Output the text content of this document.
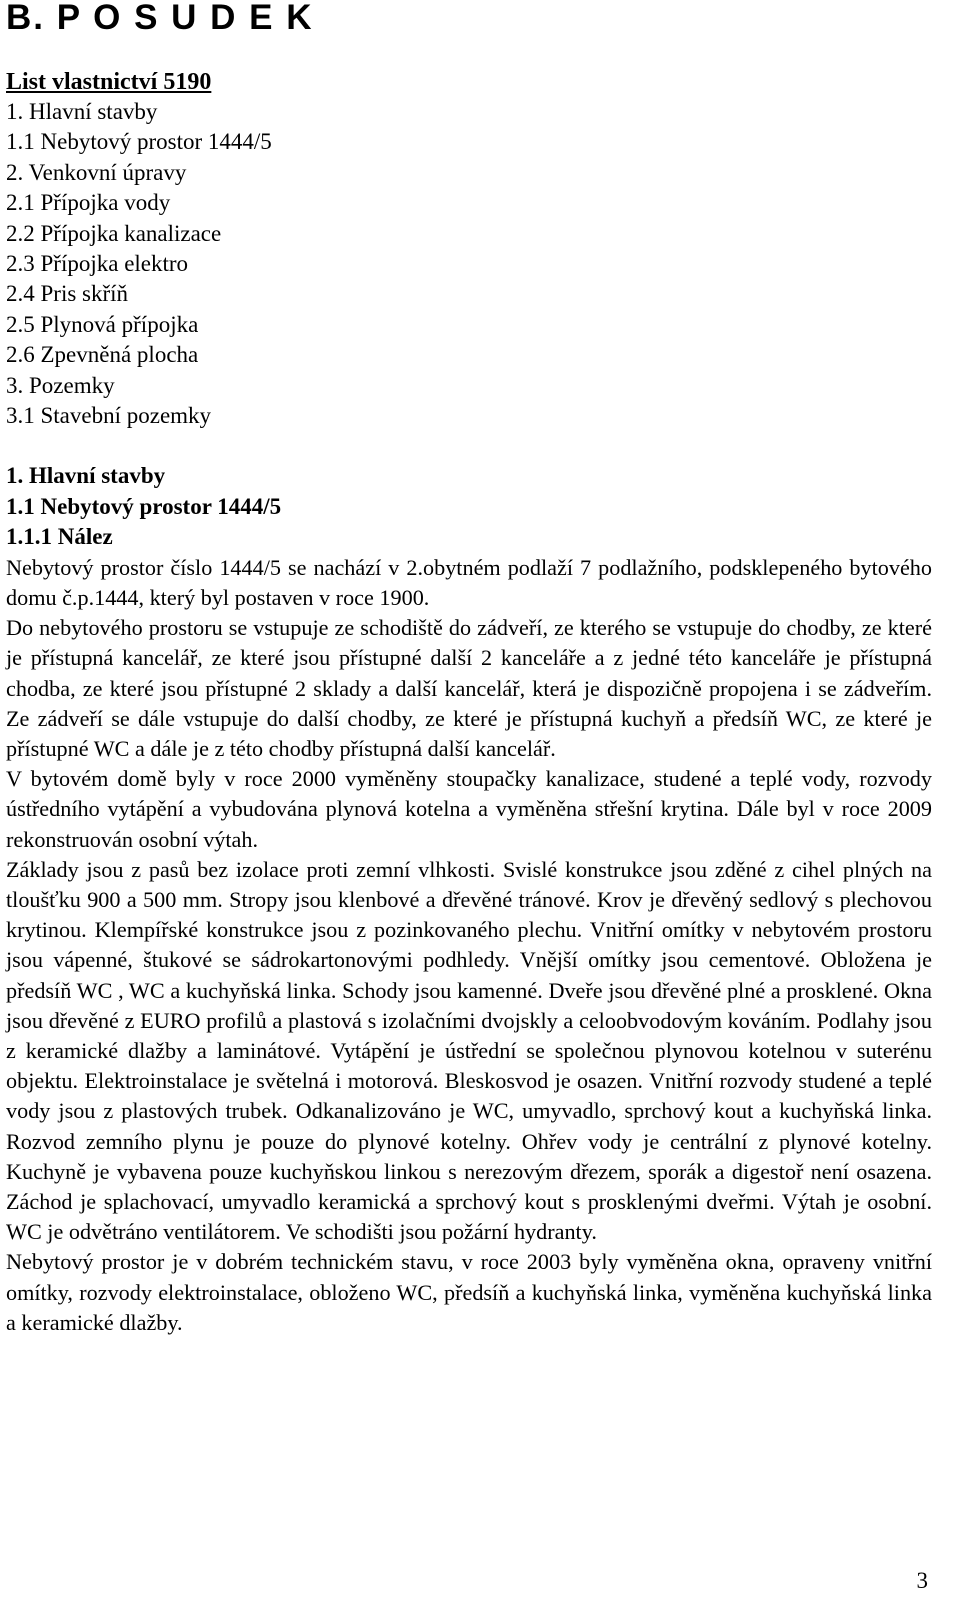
B. P O S U D E K
List vlastnictví 5190
1. Hlavní stavby
1.1 Nebytový prostor 1444/5
2. Venkovní úpravy
2.1 Přípojka vody
2.2 Přípojka kanalizace
2.3 Přípojka elektro
2.4 Pris skříň
2.5 Plynová přípojka
2.6 Zpevněná plocha
3. Pozemky
3.1 Stavební pozemky

1. Hlavní stavby

1.1 Nebytový prostor 1444/5

1.1.1 Nález

Nebytový prostor číslo 1444/5 se nachází v 2.obytném podlaží 7 podlažního, podsklepeného bytového domu č.p.1444, který byl postaven v roce 1900.

Do nebytového prostoru se vstupuje ze schodiště do zádveří, ze kterého se vstupuje do chodby, ze které je přístupná kancelář, ze které jsou přístupné další 2 kanceláře a z jedné této kanceláře je přístupná chodba, ze které jsou přístupné 2 sklady a další kancelář, která je dispozičně propojena i se zádveřím. Ze zádveří se dále vstupuje do další chodby, ze které je přístupná kuchyň a předsíň WC, ze které je přístupné WC a dále je z této chodby přístupná další kancelář.

V bytovém domě byly v roce 2000 vyměněny stoupačky kanalizace, studené a teplé vody, rozvody ústředního vytápění a vybudována plynová kotelna a vyměněna střešní krytina. Dále byl v roce 2009 rekonstruován osobní výtah.

Základy jsou z pasů bez izolace proti zemní vlhkosti. Svislé konstrukce jsou zděné z cihel plných na tloušťku 900 a 500 mm. Stropy jsou klenbové a dřevěné tránové. Krov je dřevěný sedlový s plechovou krytinou. Klempířské konstrukce jsou z pozinkovaného plechu. Vnitřní omítky v nebytovém prostoru jsou vápenné, štukové se sádrokartonovými podhledy. Vnější omítky jsou cementové. Obložena je předsíň WC , WC a kuchyňská linka. Schody jsou kamenné. Dveře jsou dřevěné plné a prosklené. Okna jsou dřevěné z EURO profilů a plastová s izolačními dvojskly a celoobvodovým kováním. Podlahy jsou z keramické dlažby a laminátové. Vytápění je ústřední se společnou plynovou kotelnou v suterénu objektu. Elektroinstalace je světelná i motorová. Bleskosvod je osazen. Vnitřní rozvody studené a teplé vody jsou z plastových trubek. Odkanalizováno je WC, umyvadlo, sprchový kout a kuchyňská linka. Rozvod zemního plynu je pouze do plynové kotelny. Ohřev vody je centrální z plynové kotelny. Kuchyně je vybavena pouze kuchyňskou linkou s nerezovým dřezem, sporák a digestoř není osazena. Záchod je splachovací, umyvadlo keramická a sprchový kout s prosklenými dveřmi. Výtah je osobní. WC je odvětráno ventilátorem. Ve schodišti jsou požární hydranty.

Nebytový prostor je v dobrém technickém stavu, v roce 2003 byly vyměněna okna, opraveny vnitřní omítky, rozvody elektroinstalace, obloženo WC, předsíň a kuchyňská linka, vyměněna kuchyňská linka a keramické dlažby.

3
